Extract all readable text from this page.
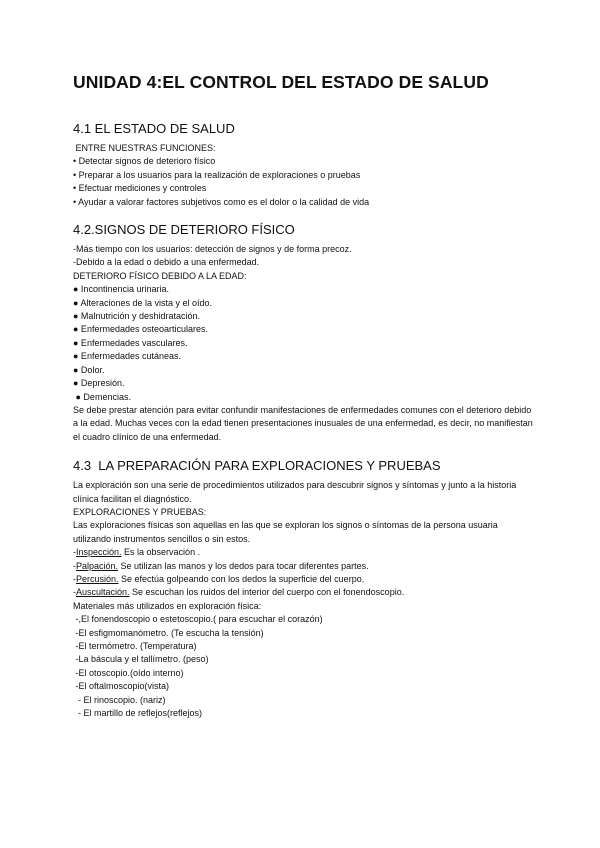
UNIDAD 4:EL CONTROL DEL ESTADO DE SALUD
4.1 EL ESTADO DE SALUD
ENTRE NUESTRAS FUNCIONES:
• Detectar signos de deterioro físico
• Preparar a los usuarios para la realización de exploraciones o pruebas
• Efectuar mediciones y controles
• Ayudar a valorar factores subjetivos como es el dolor o la calidad de vida
4.2.SIGNOS DE DETERIORO FÍSICO
-Más tiempo con los usuarios: detección de signos y de forma precoz.
-Debido a la edad o debido a una enfermedad.
DETERIORO FÍSICO DEBIDO A LA EDAD:
● Incontinencia urinaria.
● Alteraciones de la vista y el oído.
● Malnutrición y deshidratación.
● Enfermedades osteoarticulares.
● Enfermedades vasculares.
● Enfermedades cutáneas.
● Dolor.
● Depresión.
● Demencias.

Se debe prestar atención para evitar confundir manifestaciones de enfermedades comunes con el deterioro debido a la edad. Muchas veces con la edad tienen presentaciones inusuales de una enfermedad, es decir, no manifiestan el cuadro clínico de una enfermedad.

4.3  LA PREPARACIÓN PARA EXPLORACIONES Y PRUEBAS

La exploración son una serie de procedimientos utilizados para descubrir signos y síntomas y junto a la historia clínica facilitan el diagnóstico.

EXPLORACIONES Y PRUEBAS:

Las exploraciones físicas son aquellas en las que se exploran los signos o síntomas de la persona usuaria utilizando instrumentos sencillos o sin estos.

-Inspección. Es la observación .
-Palpación. Se utilizan las manos y los dedos para tocar diferentes partes.
-Percusión. Se efectúa golpeando con los dedos la superficie del cuerpo.
-Auscultación. Se escuchan los ruidos del interior del cuerpo con el fonendoscopio.
Materiales más utilizados en exploración física:
-,El fonendoscopio o estetoscopio.( para escuchar el corazón)
-El esfigmomanómetro. (Te escucha la tensión)
-El termómetro. (Temperatura)
-La báscula y el tallímetro. (peso)
-El otoscopio.(oído interno)
-El oftalmoscopio(vista)
- El rinoscopio. (nariz)
- El martillo de reflejos(reflejos)
